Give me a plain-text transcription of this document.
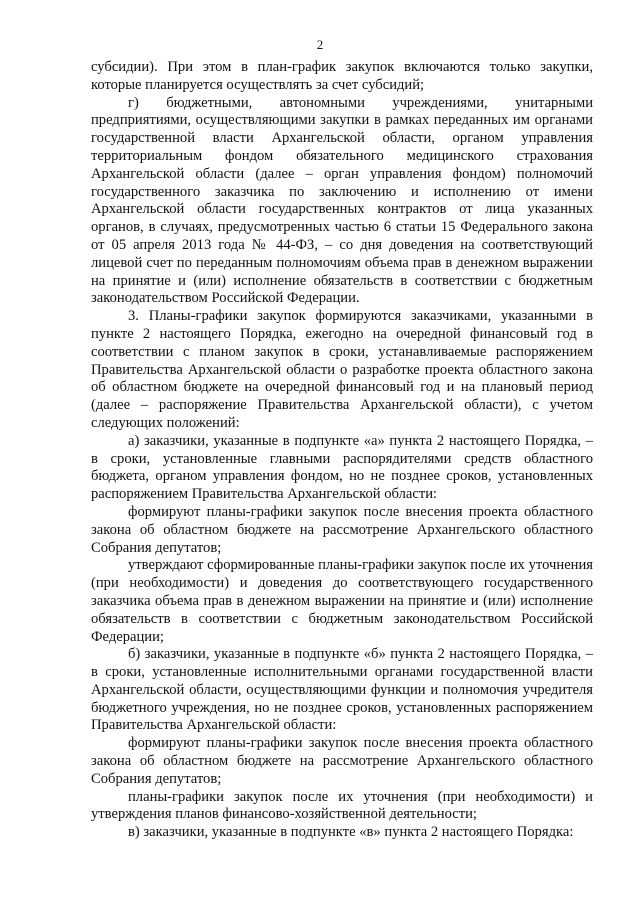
2

субсидии). При этом в план-график закупок включаются только закупки, которые планируется осуществлять за счет субсидий;

г) бюджетными, автономными учреждениями, унитарными предприятиями, осуществляющими закупки в рамках переданных им органами государственной власти Архангельской области, органом управления территориальным фондом обязательного медицинского страхования Архангельской области (далее – орган управления фондом) полномочий государственного заказчика по заключению и исполнению от имени Архангельской области государственных контрактов от лица указанных органов, в случаях, предусмотренных частью 6 статьи 15 Федерального закона от 05 апреля 2013 года № 44-ФЗ, – со дня доведения на соответствующий лицевой счет по переданным полномочиям объема прав в денежном выражении на принятие и (или) исполнение обязательств в соответствии с бюджетным законодательством Российской Федерации.

3. Планы-графики закупок формируются заказчиками, указанными в пункте 2 настоящего Порядка, ежегодно на очередной финансовый год в соответствии с планом закупок в сроки, устанавливаемые распоряжением Правительства Архангельской области о разработке проекта областного закона об областном бюджете на очередной финансовый год и на плановый период (далее – распоряжение Правительства Архангельской области), с учетом следующих положений:

а) заказчики, указанные в подпункте «а» пункта 2 настоящего Порядка, – в сроки, установленные главными распорядителями средств областного бюджета, органом управления фондом, но не позднее сроков, установленных распоряжением Правительства Архангельской области:

формируют планы-графики закупок после внесения проекта областного закона об областном бюджете на рассмотрение Архангельского областного Собрания депутатов;

утверждают сформированные планы-графики закупок после их уточнения (при необходимости) и доведения до соответствующего государственного заказчика объема прав в денежном выражении на принятие и (или) исполнение обязательств в соответствии с бюджетным законодательством Российской Федерации;

б) заказчики, указанные в подпункте «б» пункта 2 настоящего Порядка, – в сроки, установленные исполнительными органами государственной власти Архангельской области, осуществляющими функции и полномочия учредителя бюджетного учреждения, но не позднее сроков, установленных распоряжением Правительства Архангельской области:

формируют планы-графики закупок после внесения проекта областного закона об областном бюджете на рассмотрение Архангельского областного Собрания депутатов;

планы-графики закупок после их уточнения (при необходимости) и утверждения планов финансово-хозяйственной деятельности;

в) заказчики, указанные в подпункте «в» пункта 2 настоящего Порядка:
